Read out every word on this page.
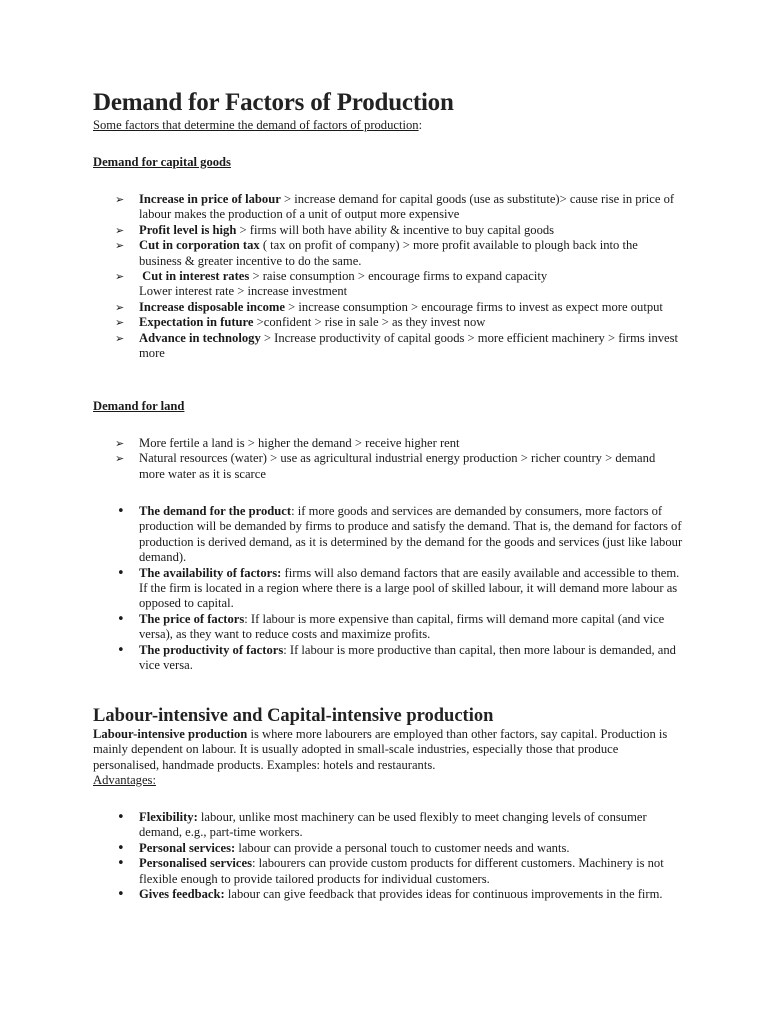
Demand for Factors of Production

Some factors that determine the demand of factors of production:

Demand for capital goods

➢ Increase in price of labour > increase demand for capital goods (use as substitute)> cause rise in price of labour makes the production of a unit of output more expensive
➢ Profit level is high > firms will both have ability & incentive to buy capital goods
➢ Cut in corporation tax ( tax on profit of company) > more profit available to plough back into the business & greater incentive to do the same.
➢ Cut in interest rates > raise consumption > encourage firms to expand capacity
Lower interest rate > increase investment
➢ Increase disposable income > increase consumption > encourage firms to invest as expect more output
➢ Expectation in future >confident > rise in sale > as they invest now
➢ Advance in technology > Increase productivity of capital goods > more efficient machinery > firms invest more

Demand for land

➢ More fertile a land is > higher the demand > receive higher rent
➢ Natural resources (water) > use as agricultural industrial energy production > richer country > demand more water as it is scarce
• The demand for the product: if more goods and services are demanded by consumers, more factors of production will be demanded by firms to produce and satisfy the demand. That is, the demand for factors of production is derived demand, as it is determined by the demand for the goods and services (just like labour demand).
• The availability of factors: firms will also demand factors that are easily available and accessible to them. If the firm is located in a region where there is a large pool of skilled labour, it will demand more labour as opposed to capital.
• The price of factors: If labour is more expensive than capital, firms will demand more capital (and vice versa), as they want to reduce costs and maximize profits.
• The productivity of factors: If labour is more productive than capital, then more labour is demanded, and vice versa.
Labour-intensive and Capital-intensive production

Labour-intensive production is where more labourers are employed than other factors, say capital. Production is mainly dependent on labour. It is usually adopted in small-scale industries, especially those that produce personalised, handmade products. Examples: hotels and restaurants.

Advantages:

• Flexibility: labour, unlike most machinery can be used flexibly to meet changing levels of consumer demand, e.g., part-time workers.
• Personal services: labour can provide a personal touch to customer needs and wants.
• Personalised services: labourers can provide custom products for different customers. Machinery is not flexible enough to provide tailored products for individual customers.
• Gives feedback: labour can give feedback that provides ideas for continuous improvements in the firm.
